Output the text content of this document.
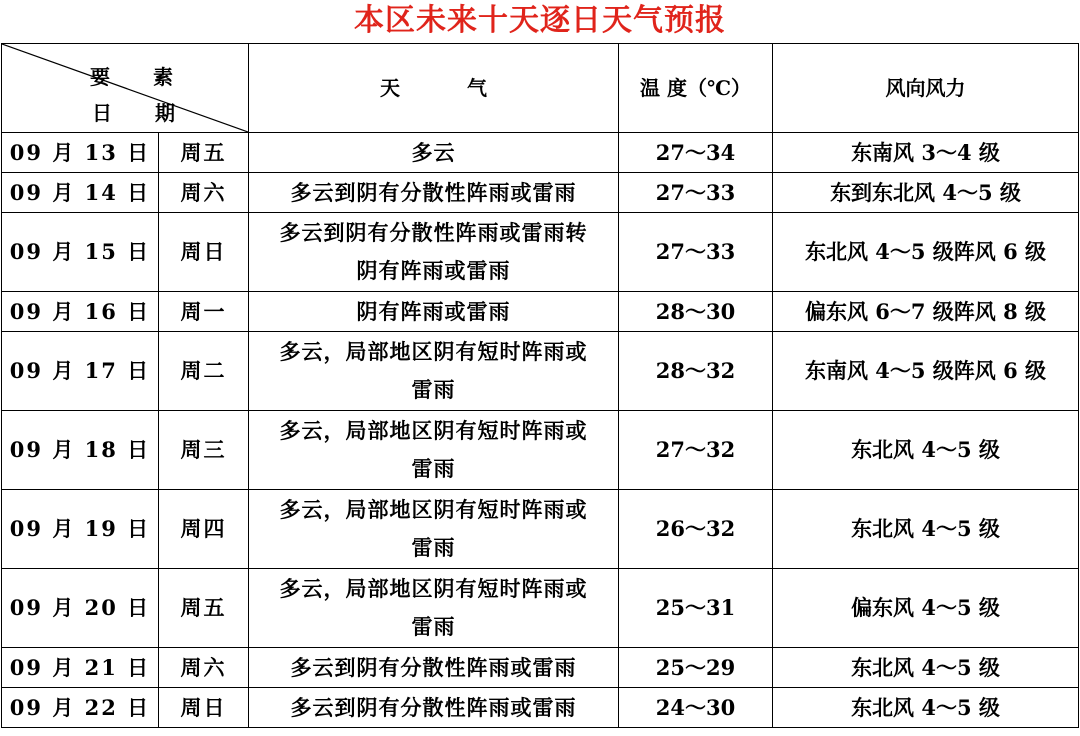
本区未来十天逐日天气预报
要 素
日 期		天 气	温 度（℃）	风向风力
09 月 13 日	周五	多云	27～34	东南风 3～4 级
09 月 14 日	周六	多云到阴有分散性阵雨或雷雨	27～33	东到东北风 4～5 级
09 月 15 日	周日	多云到阴有分散性阵雨或雷雨转
阴有阵雨或雷雨	27～33	东北风 4～5 级阵风 6 级
09 月 16 日	周一	阴有阵雨或雷雨	28～30	偏东风 6～7 级阵风 8 级
09 月 17 日	周二	多云，局部地区阴有短时阵雨或
雷雨	28～32	东南风 4～5 级阵风 6 级
09 月 18 日	周三	多云，局部地区阴有短时阵雨或
雷雨	27～32	东北风 4～5 级
09 月 19 日	周四	多云，局部地区阴有短时阵雨或
雷雨	26～32	东北风 4～5 级
09 月 20 日	周五	多云，局部地区阴有短时阵雨或
雷雨	25～31	偏东风 4～5 级
09 月 21 日	周六	多云到阴有分散性阵雨或雷雨	25～29	东北风 4～5 级
09 月 22 日	周日	多云到阴有分散性阵雨或雷雨	24～30	东北风 4～5 级
